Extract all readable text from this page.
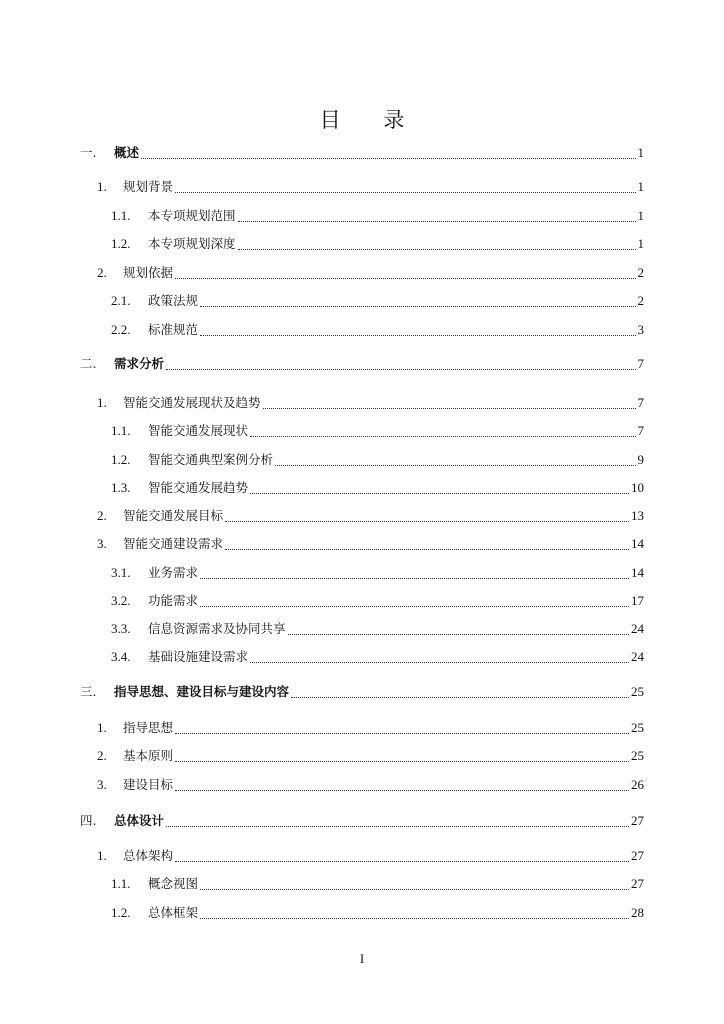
目 录
一.	概述	1
1.	规划背景	1
1.1.	本专项规划范围	1
1.2.	本专项规划深度	1
2.	规划依据	2
2.1.	政策法规	2
2.2.	标准规范	3
二.	需求分析	7
1.	智能交通发展现状及趋势	7
1.1.	智能交通发展现状	7
1.2.	智能交通典型案例分析	9
1.3.	智能交通发展趋势	10
2.	智能交通发展目标	13
3.	智能交通建设需求	14
3.1.	业务需求	14
3.2.	功能需求	17
3.3.	信息资源需求及协同共享	24
3.4.	基础设施建设需求	24
三.	指导思想、建设目标与建设内容	25
1.	指导思想	25
2.	基本原则	25
3.	建设目标	26
四.	总体设计	27
1.	总体架构	27
1.1.	概念视图	27
1.2.	总体框架	28
I
